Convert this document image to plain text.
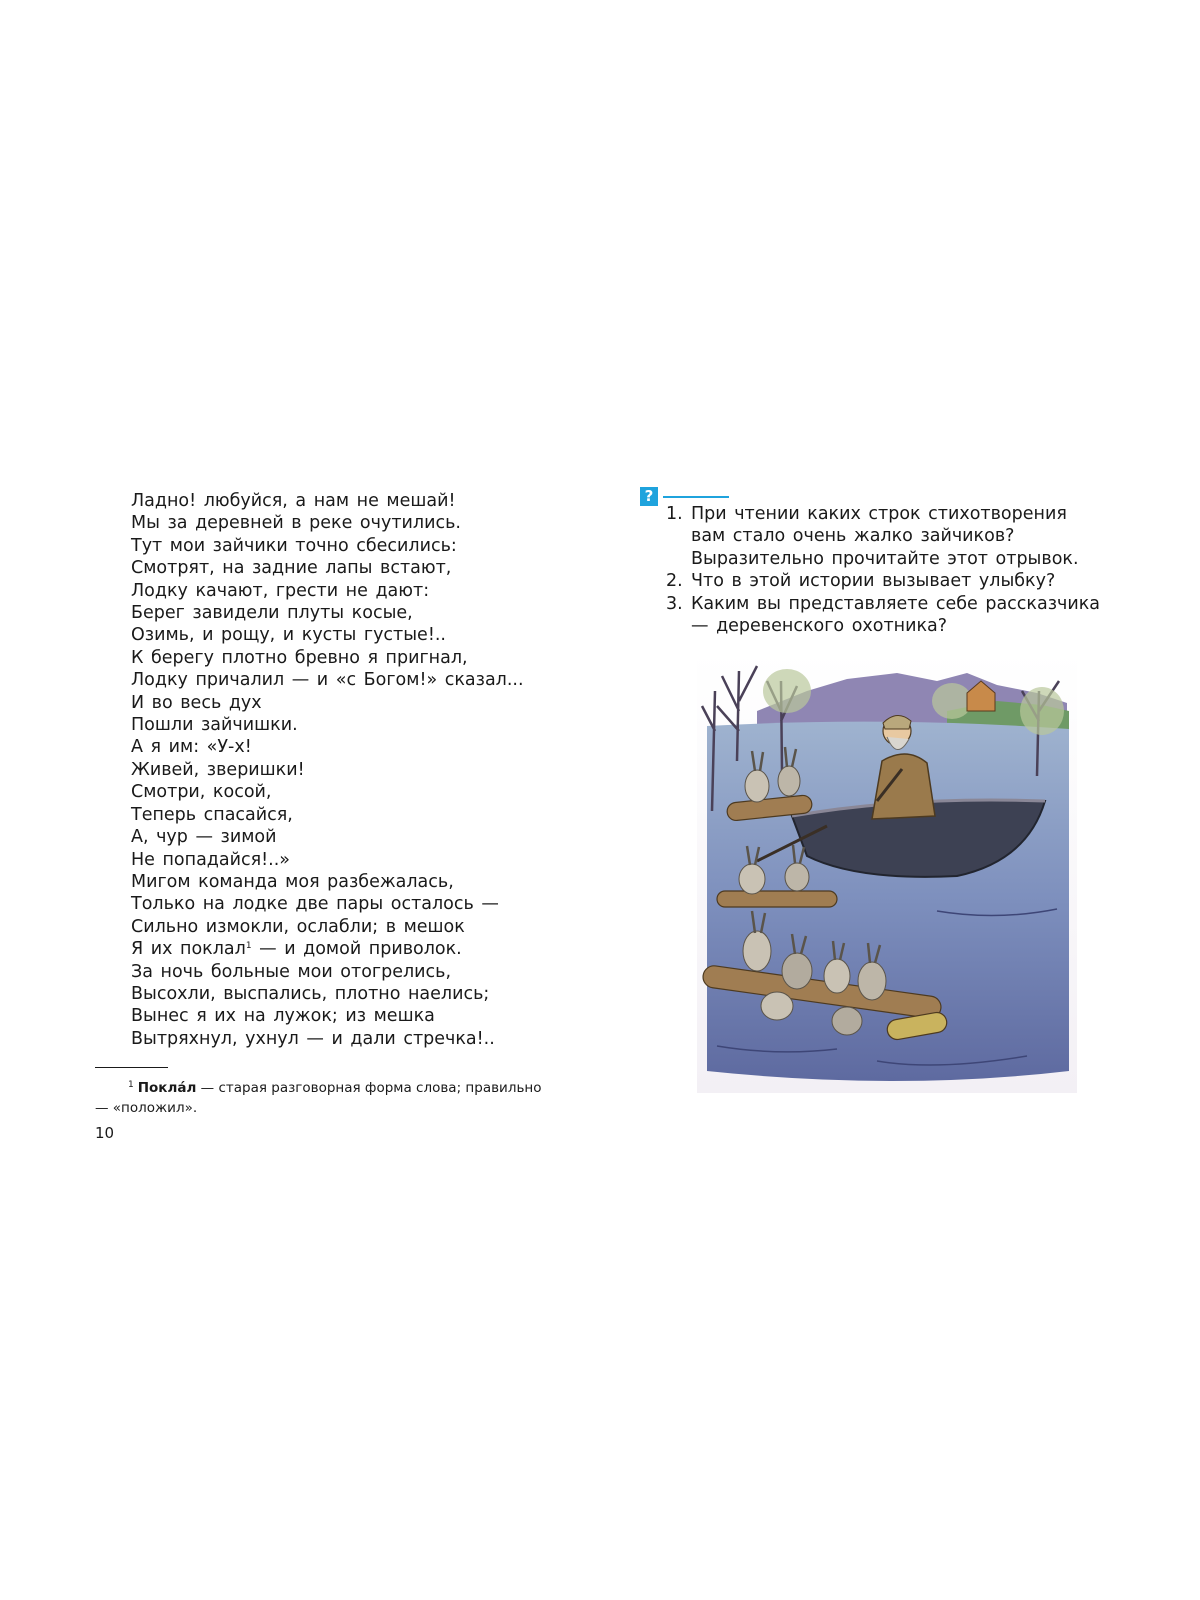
Ладно! любуйся, а нам не мешай!
Мы за деревней в реке очутились.
Тут мои зайчики точно сбесились:
Смотрят, на задние лапы встают,
Лодку качают, грести не дают:
Берег завидели плуты косые,
Озимь, и рощу, и кусты густые!..
К берегу плотно бревно я пригнал,
Лодку причалил — и «с Богом!» сказал...
И во весь дух
Пошли зайчишки.
А я им: «У-х!
Живей, зверишки!
Смотри, косой,
Теперь спасайся,
А, чур — зимой
Не попадайся!..»
Мигом команда моя разбежалась,
Только на лодке две пары осталось —
Сильно измокли, ослабли; в мешок
Я их поклал$^1$ — и домой приволок.
За ночь больные мои отогрелись,
Высохли, выспались, плотно наелись;
Вынес я их на лужок; из мешка
Вытряхнул, ухнул — и дали стречка!..
$^1$ Покла́л — старая разговорная форма слова; правильно — «положил».
10
?
1. При чтении каких строк стихотворения вам стало очень жалко зайчиков? Выразительно прочитайте этот отрывок.
2. Что в этой истории вызывает улыбку?
3. Каким вы представляете себе рассказчика — деревенского охотника?
